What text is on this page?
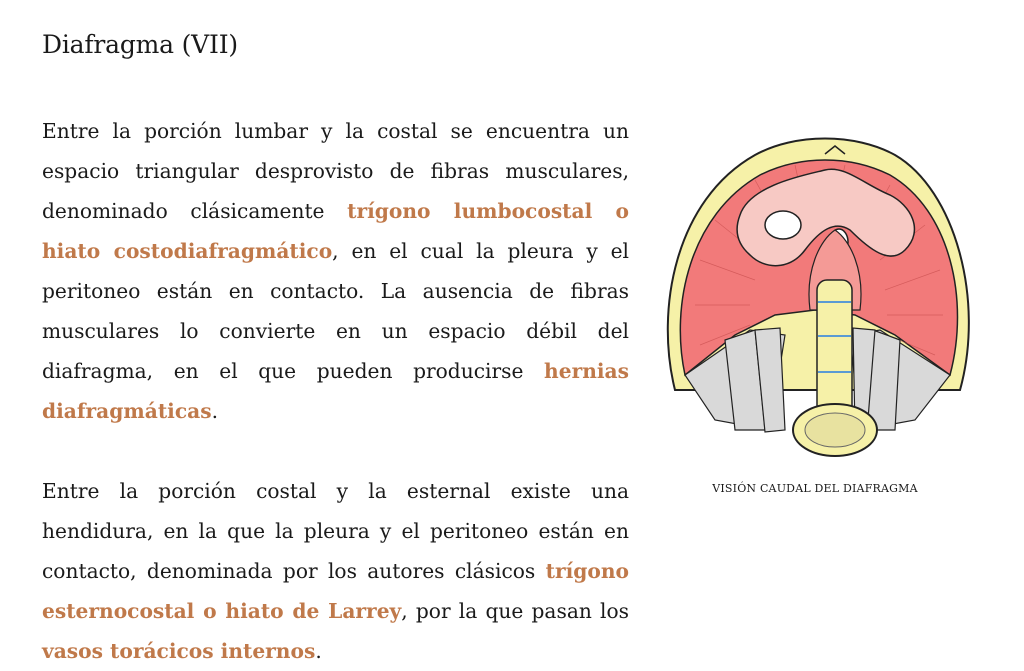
Diafragma (VII)

Entre la porción lumbar y la costal se encuentra un espacio triangular desprovisto de fibras musculares, denominado clásicamente trígono lumbocostal o hiato costodiafragmático, en el cual la pleura y el peritoneo están en contacto. La ausencia de fibras musculares lo convierte en un espacio débil del diafragma, en el que pueden producirse hernias diafragmáticas.

Entre la porción costal y la esternal existe una hendidura, en la que la pleura y el peritoneo están en contacto, denominada por los autores clásicos trígono esternocostal o hiato de Larrey, por la que pasan los vasos torácicos internos.

VISIÓN CAUDAL DEL DIAFRAGMA
